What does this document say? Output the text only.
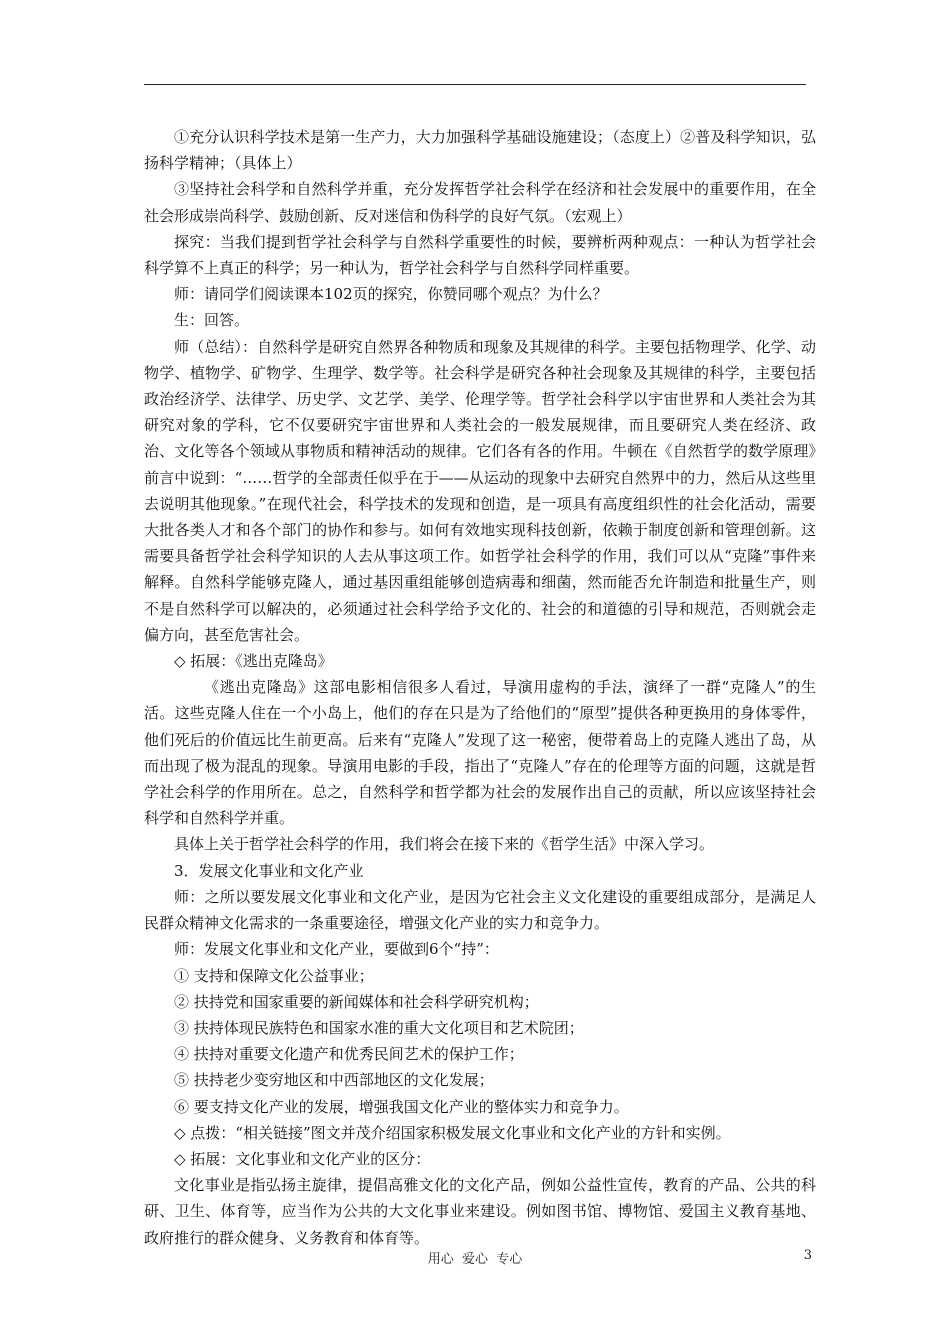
①充分认识科学技术是第一生产力，大力加强科学基础设施建设；（态度上）②普及科学知识，弘扬科学精神；（具体上）

③坚持社会科学和自然科学并重，充分发挥哲学社会科学在经济和社会发展中的重要作用，在全社会形成崇尚科学、鼓励创新、反对迷信和伪科学的良好气氛。（宏观上）

探究：当我们提到哲学社会科学与自然科学重要性的时候，要辨析两种观点：一种认为哲学社会科学算不上真正的科学；另一种认为，哲学社会科学与自然科学同样重要。

师：请同学们阅读课本102页的探究，你赞同哪个观点？为什么？

生：回答。

师（总结）：自然科学是研究自然界各种物质和现象及其规律的科学。主要包括物理学、化学、动物学、植物学、矿物学、生理学、数学等。社会科学是研究各种社会现象及其规律的科学，主要包括政治经济学、法律学、历史学、文艺学、美学、伦理学等。哲学社会科学以宇宙世界和人类社会为其研究对象的学科，它不仅要研究宇宙世界和人类社会的一般发展规律，而且要研究人类在经济、政治、文化等各个领域从事物质和精神活动的规律。它们各有各的作用。牛顿在《自然哲学的数学原理》前言中说到：“……哲学的全部责任似乎在于——从运动的现象中去研究自然界中的力，然后从这些里去说明其他现象。”在现代社会，科学技术的发现和创造，是一项具有高度组织性的社会化活动，需要大批各类人才和各个部门的协作和参与。如何有效地实现科技创新，依赖于制度创新和管理创新。这需要具备哲学社会科学知识的人去从事这项工作。如哲学社会科学的作用，我们可以从“克隆”事件来解释。自然科学能够克隆人，通过基因重组能够创造病毒和细菌，然而能否允许制造和批量生产，则不是自然科学可以解决的，必须通过社会科学给予文化的、社会的和道德的引导和规范，否则就会走偏方向，甚至危害社会。

◇ 拓展：《逃出克隆岛》

《逃出克隆岛》这部电影相信很多人看过，导演用虚构的手法，演绎了一群“克隆人”的生活。这些克隆人住在一个小岛上，他们的存在只是为了给他们的“原型”提供各种更换用的身体零件，他们死后的价值远比生前更高。后来有“克隆人”发现了这一秘密，便带着岛上的克隆人逃出了岛，从而出现了极为混乱的现象。导演用电影的手段，指出了“克隆人”存在的伦理等方面的问题，这就是哲学社会科学的作用所在。总之，自然科学和哲学都为社会的发展作出自己的贡献，所以应该坚持社会科学和自然科学并重。

具体上关于哲学社会科学的作用，我们将会在接下来的《哲学生活》中深入学习。

3．发展文化事业和文化产业

师：之所以要发展文化事业和文化产业，是因为它社会主义文化建设的重要组成部分，是满足人民群众精神文化需求的一条重要途径，增强文化产业的实力和竞争力。

师：发展文化事业和文化产业，要做到6个“持”：

① 支持和保障文化公益事业；

② 扶持党和国家重要的新闻媒体和社会科学研究机构；

③ 扶持体现民族特色和国家水准的重大文化项目和艺术院团；

④ 扶持对重要文化遗产和优秀民间艺术的保护工作；

⑤ 扶持老少变穷地区和中西部地区的文化发展；

⑥ 要支持文化产业的发展，增强我国文化产业的整体实力和竞争力。

◇ 点拨：“相关链接”图文并茂介绍国家积极发展文化事业和文化产业的方针和实例。

◇ 拓展：文化事业和文化产业的区分：

文化事业是指弘扬主旋律，提倡高雅文化的文化产品，例如公益性宣传，教育的产品、公共的科研、卫生、体育等，应当作为公共的大文化事业来建设。例如图书馆、博物馆、爱国主义教育基地、政府推行的群众健身、义务教育和体育等。

用心  爱心  专心	3
